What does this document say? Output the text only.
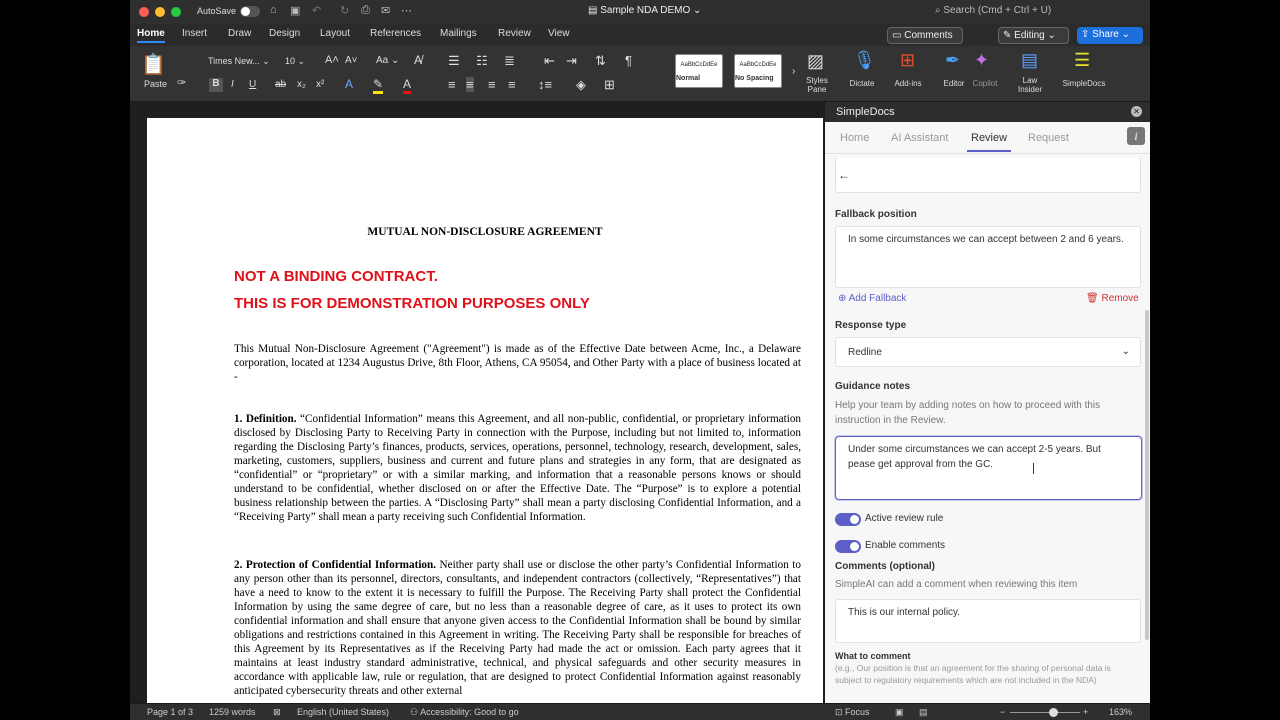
AutoSave	⌂ ▣ ↶ ↻ ⎙ ✉ ⋯	▤ Sample NDA DEMO ⌄	⌕ Search (Cmd + Ctrl + U)
Home Insert Draw Design Layout References Mailings Review View	▭ Comments	✎ Editing ⌄	⇪ Share ⌄
📋
Paste ✑
Times New... ⌄	10 ⌄	A˄ A˅ Aa ⌄ A̸
B	I U ab x₂ x² A ✎ A
☰ ☷ ≣ ⇤ ⇥ ⇅ ¶
≡ ≡ ≡ ≡ ↕≡ ◈ ⊞
AaBbCcDdEe
Normal
AaBbCcDdEe
No Spacing
›
▨
Styles Pane
🎙
Dictate
⊞
Add-ins
✒
Editor
✦
Copilot
▤
Law Insider
☰
SimpleDocs
MUTUAL NON-DISCLOSURE AGREEMENT
NOT A BINDING CONTRACT.
THIS IS FOR DEMONSTRATION PURPOSES ONLY
This Mutual Non-Disclosure Agreement ("Agreement") is made as of the Effective Date between Acme, Inc., a Delaware corporation, located at 1234 Augustus Drive, 8th Floor, Athens, CA 95054, and Other Party with a place of business located at -
1. Definition. “Confidential Information” means this Agreement, and all non-public, confidential, or proprietary information disclosed by Disclosing Party to Receiving Party in connection with the Purpose, including but not limited to, information regarding the Disclosing Party’s finances, products, services, operations, personnel, technology, research, development, sales, marketing, customers, suppliers, business and current and future plans and strategies in any form, that are designated as “confidential” or “proprietary” or with a similar marking, and information that a reasonable persons knows or should understand to be confidential, whether disclosed on or after the Effective Date. The “Purpose” is to explore a potential business relationship between the parties. A “Disclosing Party” shall mean a party disclosing Confidential Information, and a “Receiving Party” shall mean a party receiving such Confidential Information.
2. Protection of Confidential Information. Neither party shall use or disclose the other party’s Confidential Information to any person other than its personnel, directors, consultants, and independent contractors (collectively, “Representatives”) that have a need to know to the extent it is necessary to fulfill the Purpose. The Receiving Party shall protect the Confidential Information by using the same degree of care, but no less than a reasonable degree of care, as it uses to protect its own confidential information and shall ensure that anyone given access to the Confidential Information shall be bound by similar obligations and restrictions contained in this Agreement in writing. The Receiving Party shall be responsible for breaches of this Agreement by its Representatives as if the Receiving Party had made the act or omission. Each party agrees that it maintains at least industry standard administrative, technical, and physical safeguards and other security measures in accordance with applicable law, rule or regulation, that are designed to protect Confidential Information against reasonably anticipated cybersecurity threats and other external
SimpleDocs	✕
Home AI Assistant Review Request	i
←
Fallback position
In some circumstances we can accept between 2 and 6 years.
⊕ Add Fallback	🗑 Remove
Response type
Redline	⌄
Guidance notes
Help your team by adding notes on how to proceed with this instruction in the Review.
Under some circumstances we can accept 2-5 years. But pease get approval from the GC.
Active review rule
Enable comments
Comments (optional)
SimpleAI can add a comment when reviewing this item
This is our internal policy.
What to comment
(e.g., Our position is that an agreement for the sharing of personal data is subject to regulatory requirements which are not included in the NDA)
Page 1 of 3 1259 words ⊠ English (United States) ⚇ Accessibility: Good to go	⊡ Focus	▣ ▤	−	+ 163%
